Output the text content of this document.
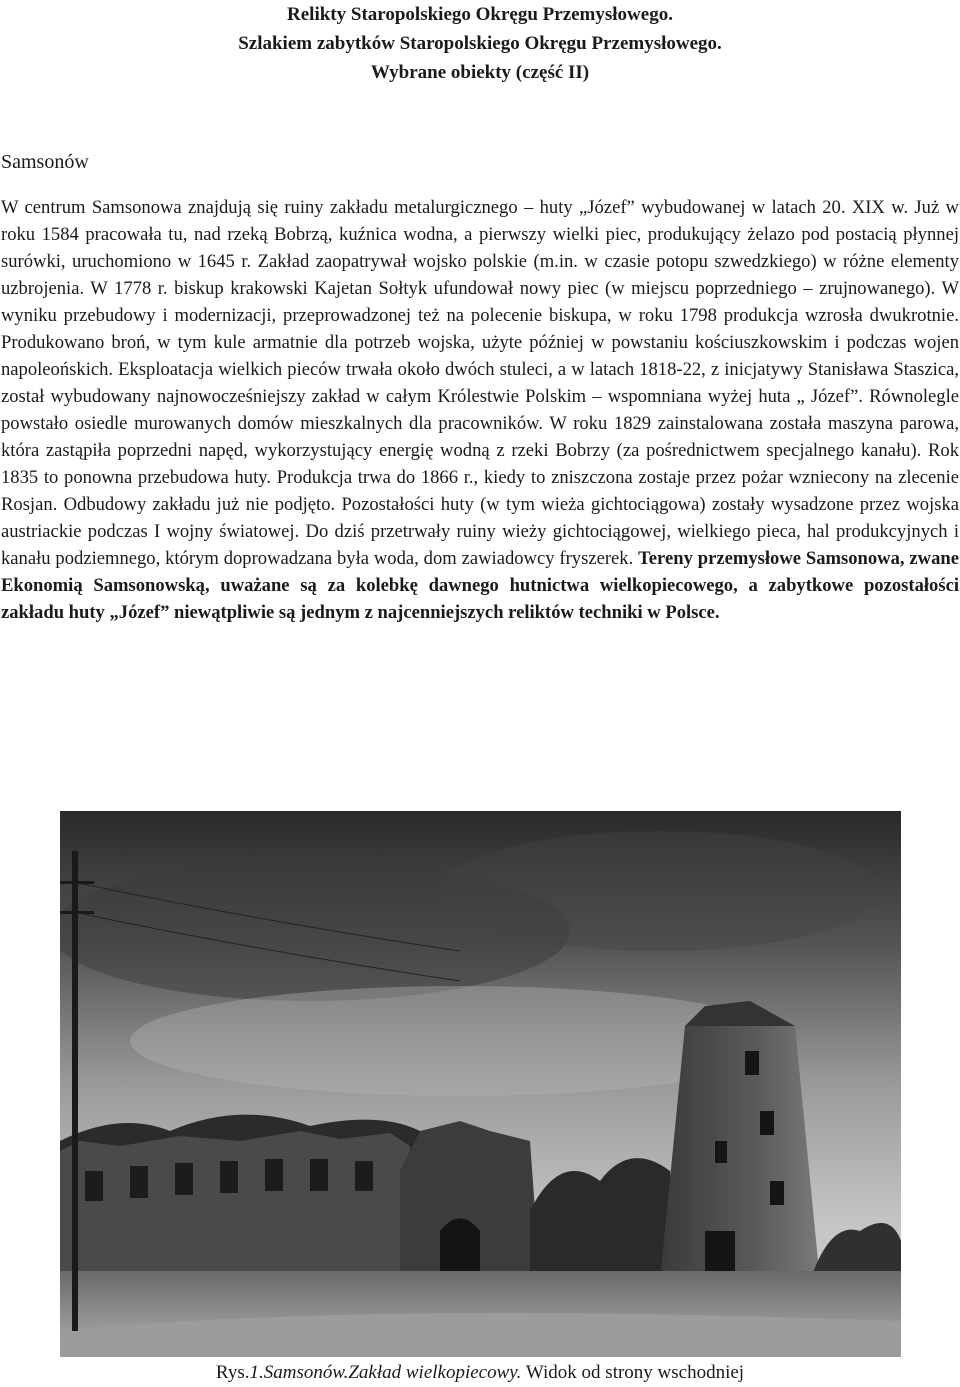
Relikty Staropolskiego Okręgu Przemysłowego.
Szlakiem zabytków Staropolskiego Okręgu Przemysłowego.
Wybrane obiekty (część II)
Samsonów

W centrum Samsonowa znajdują się ruiny zakładu metalurgicznego – huty „Józef” wybudowanej w latach 20. XIX w. Już w roku 1584 pracowała tu, nad rzeką Bobrzą, kuźnica wodna, a pierwszy wielki piec, produkujący żelazo pod postacią płynnej surówki, uruchomiono w 1645 r. Zakład zaopatrywał wojsko polskie (m.in. w czasie potopu szwedzkiego) w różne elementy uzbrojenia. W 1778 r. biskup krakowski Kajetan Sołtyk ufundował nowy piec (w miejscu poprzedniego – zrujnowanego). W wyniku przebudowy i modernizacji, przeprowadzonej też na polecenie biskupa, w roku 1798 produkcja wzrosła dwukrotnie. Produkowano broń, w tym kule armatnie dla potrzeb wojska, użyte później w powstaniu kościuszkowskim i podczas wojen napoleońskich. Eksploatacja wielkich pieców trwała około dwóch stuleci, a w latach 1818-22, z inicjatywy Stanisława Staszica, został wybudowany najnowocześniejszy zakład w całym Królestwie Polskim – wspomniana wyżej huta „ Józef”. Równolegle powstało osiedle murowanych domów mieszkalnych dla pracowników. W roku 1829 zainstalowana została maszyna parowa, która zastąpiła poprzedni napęd, wykorzystujący energię wodną z rzeki Bobrzy (za pośrednictwem specjalnego kanału). Rok 1835 to ponowna przebudowa huty. Produkcja trwa do 1866 r., kiedy to zniszczona zostaje przez pożar wzniecony na zlecenie Rosjan. Odbudowy zakładu już nie podjęto. Pozostałości huty (w tym wieża gichtociągowa) zostały wysadzone przez wojska austriackie podczas I wojny światowej. Do dziś przetrwały ruiny wieży gichtociągowej, wielkiego pieca, hal produkcyjnych i kanału podziemnego, którym doprowadzana była woda, dom zawiadowcy fryszerek. Tereny przemysłowe Samsonowa, zwane Ekonomią Samsonowską, uważane są za kolebkę dawnego hutnictwa wielkopiecowego, a zabytkowe pozostałości zakładu huty „Józef” niewątpliwie są jednym z najcenniejszych reliktów techniki w Polsce.

Rys.1.Samsonów.Zakład wielkopiecowy. Widok od strony wschodniej
